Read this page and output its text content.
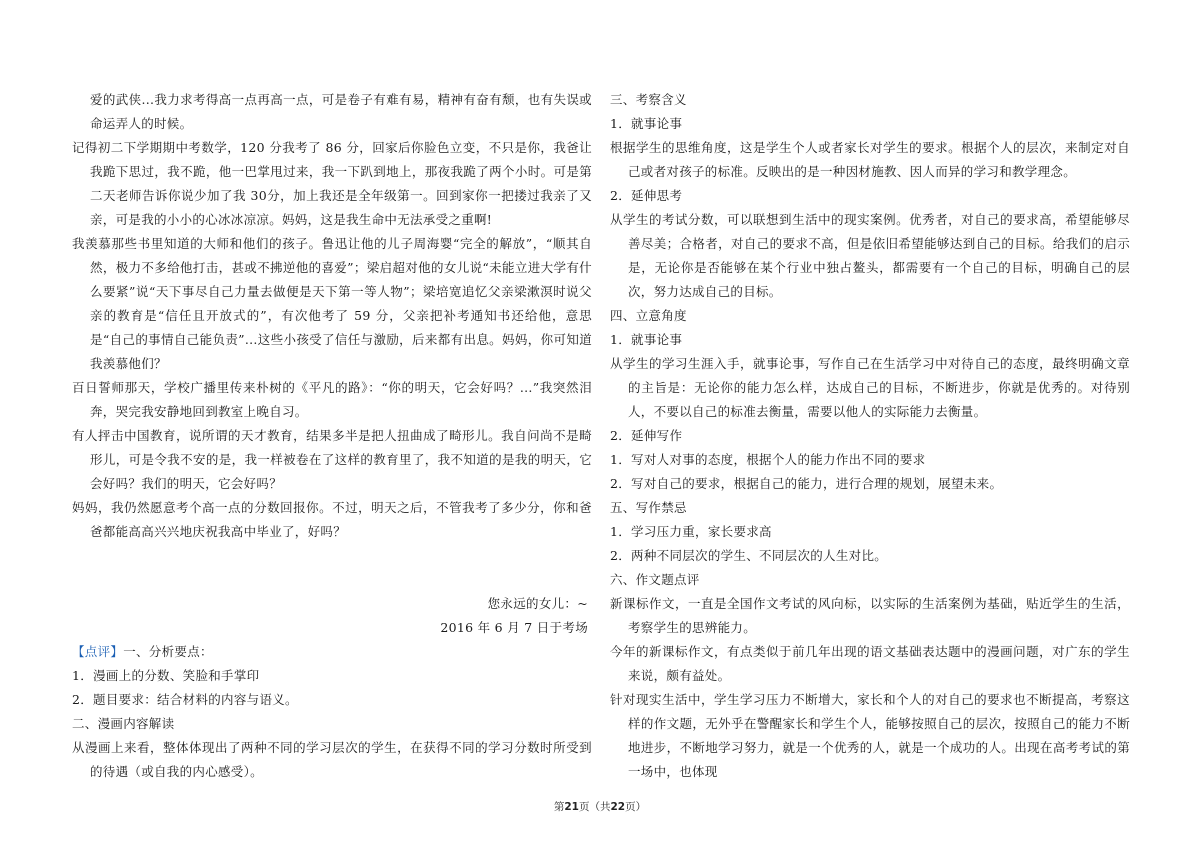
爱的武侠...我力求考得高一点再高一点，可是卷子有难有易，精神有奋有颓，也有失误或命运弄人的时候。

记得初二下学期期中考数学，120 分我考了 86 分，回家后你脸色立变，不只是你，我爸让我跪下思过，我不跪，他一巴掌甩过来，我一下趴到地上，那夜我跪了两个小时。可是第二天老师告诉你说少加了我 30分，加上我还是全年级第一。回到家你一把搂过我亲了又亲，可是我的小小的心冰冰凉凉。妈妈，这是我生命中无法承受之重啊!

我羡慕那些书里知道的大师和他们的孩子。鲁迅让他的儿子周海婴“完全的解放”，“顺其自然，极力不多给他打击，甚或不拂逆他的喜爱”；梁启超对他的女儿说“未能立进大学有什么要紧”说“天下事尽自己力量去做便是天下第一等人物”；梁培宽追忆父亲梁漱溟时说父亲的教育是“信任且开放式的”，有次他考了 59 分，父亲把补考通知书还给他，意思是“自己的事情自己能负责”...这些小孩受了信任与激励，后来都有出息。妈妈，你可知道我羡慕他们？

百日誓师那天，学校广播里传来朴树的《平凡的路》：“你的明天，它会好吗？...”我突然泪奔，哭完我安静地回到教室上晚自习。

有人抨击中国教育，说所谓的天才教育，结果多半是把人扭曲成了畸形儿。我自问尚不是畸形儿，可是令我不安的是，我一样被卷在了这样的教育里了，我不知道的是我的明天，它会好吗？我们的明天，它会好吗？

妈妈，我仍然愿意考个高一点的分数回报你。不过，明天之后，不管我考了多少分，你和爸爸都能高高兴兴地庆祝我高中毕业了，好吗？

您永远的女儿：~

2016 年 6 月 7 日于考场

【点评】一、分析要点：

1．漫画上的分数、笑脸和手掌印

2．题目要求：结合材料的内容与语义。

二、漫画内容解读

从漫画上来看，整体体现出了两种不同的学习层次的学生，在获得不同的学习分数时所受到的待遇（或自我的内心感受）。

三、考察含义

1．就事论事

根据学生的思维角度，这是学生个人或者家长对学生的要求。根据个人的层次，来制定对自己或者对孩子的标准。反映出的是一种因材施教、因人而异的学习和教学理念。

2．延伸思考

从学生的考试分数，可以联想到生活中的现实案例。优秀者，对自己的要求高，希望能够尽善尽美；合格者，对自己的要求不高，但是依旧希望能够达到自己的目标。给我们的启示是，无论你是否能够在某个行业中独占鳌头，都需要有一个自己的目标，明确自己的层次，努力达成自己的目标。

四、立意角度

1．就事论事

从学生的学习生涯入手，就事论事，写作自己在生活学习中对待自己的态度，最终明确文章的主旨是：无论你的能力怎么样，达成自己的目标，不断进步，你就是优秀的。对待别人，不要以自己的标准去衡量，需要以他人的实际能力去衡量。

2．延伸写作

1．写对人对事的态度，根据个人的能力作出不同的要求

2．写对自己的要求，根据自己的能力，进行合理的规划，展望未来。

五、写作禁忌

1．学习压力重，家长要求高

2．两种不同层次的学生、不同层次的人生对比。

六、作文题点评

新课标作文，一直是全国作文考试的风向标，以实际的生活案例为基础，贴近学生的生活，考察学生的思辨能力。

今年的新课标作文，有点类似于前几年出现的语文基础表达题中的漫画问题，对广东的学生来说，颇有益处。

针对现实生活中，学生学习压力不断增大，家长和个人的对自己的要求也不断提高，考察这样的作文题，无外乎在警醒家长和学生个人，能够按照自己的层次，按照自己的能力不断地进步，不断地学习努力，就是一个优秀的人，就是一个成功的人。出现在高考考试的第一场中，也体现

第21页（共22页）
